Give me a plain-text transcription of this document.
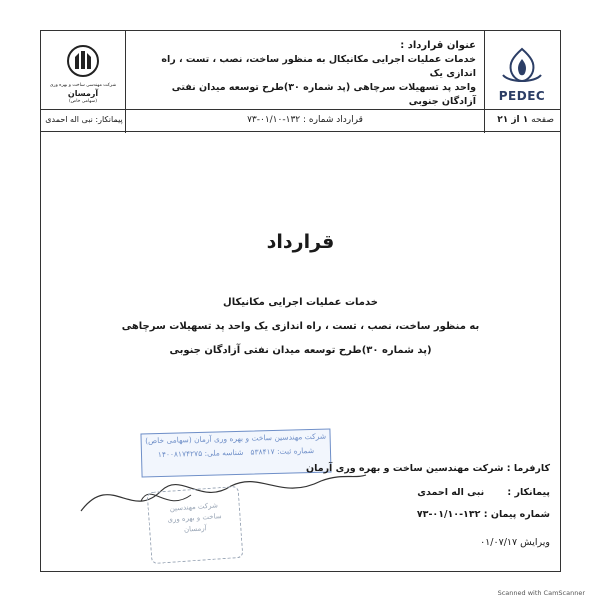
PEDEC
شرکت مهندسی ساخت و بهره وری
آرمسان
(سهامی خاص)
عنوان قرارداد :
خدمات عملیات اجرایی مکانیکال به منظور ساخت، نصب ، تست ، راه اندازی یک
واحد پد تسهیلات سرچاهی (پد شماره ۳۰)طرح توسعه میدان نفتی آزادگان جنوبی
صفحه ۱ از ۲۱
قرارداد شماره : ۱۳۲-۰۱/۱۰-۷۳
پیمانکار: نبی اله احمدی
قرارداد
خدمات عملیات اجرایی مکانیکال
به منظور ساخت، نصب ، تست ، راه اندازی یک واحد پد تسهیلات سرچاهی
(پد شماره ۳۰)طرح توسعه میدان نفتی آزادگان جنوبی
شرکت مهندسین ساخت و بهره وری آرمان (سهامی خاص)
شماره ثبت: ۵۳۸۴۱۷   شناسه ملی: ۱۴۰۰۸۱۷۴۲۷۵
شرکت مهندسین
ساخت و بهره وری
آرمسان
کارفرما : شرکت مهندسین ساخت و بهره وری آرمان
پیمانکار :       نبی اله احمدی
شماره پیمان : ۱۳۲-۰۱/۱۰-۷۳
ویرایش ۰۱/۰۷/۱۷
Scanned with CamScanner
